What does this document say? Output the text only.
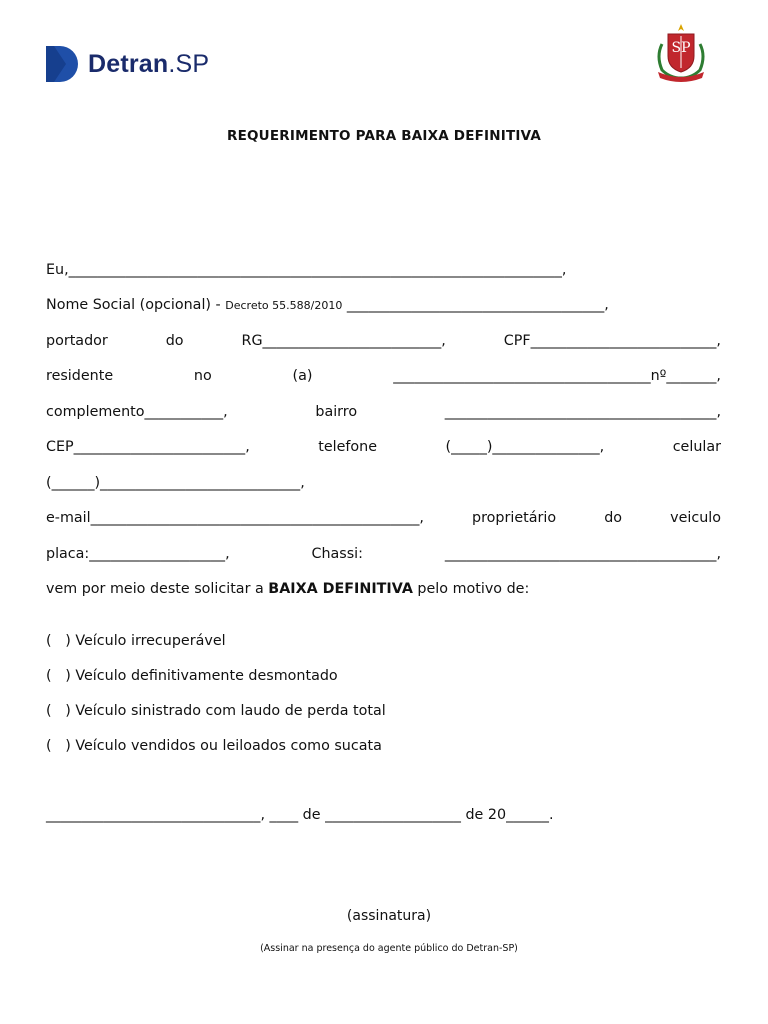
Detran.SP
SP
REQUERIMENTO PARA BAIXA DEFINITIVA
Eu,_____________________________________________________________________,
Nome Social (opcional) - Decreto 55.588/2010 ____________________________________,
portador	do	RG_________________________,	CPF__________________________,
residente	no	(a)	____________________________________nº_______,
complemento___________,	bairro	______________________________________,
CEP________________________,	telefone	(_____)_______________,	celular
(______)____________________________,
e-mail______________________________________________,	proprietário	do	veiculo
placa:___________________,	Chassi:	______________________________________,
vem por meio deste solicitar a BAIXA DEFINITIVA pelo motivo de:
(   ) Veículo irrecuperável
(   ) Veículo definitivamente desmontado
(   ) Veículo sinistrado com laudo de perda total
(   ) Veículo vendidos ou leiloados como sucata
______________________________, ____ de ___________________ de 20______.
(assinatura)
(Assinar na presença do agente público do Detran-SP)
